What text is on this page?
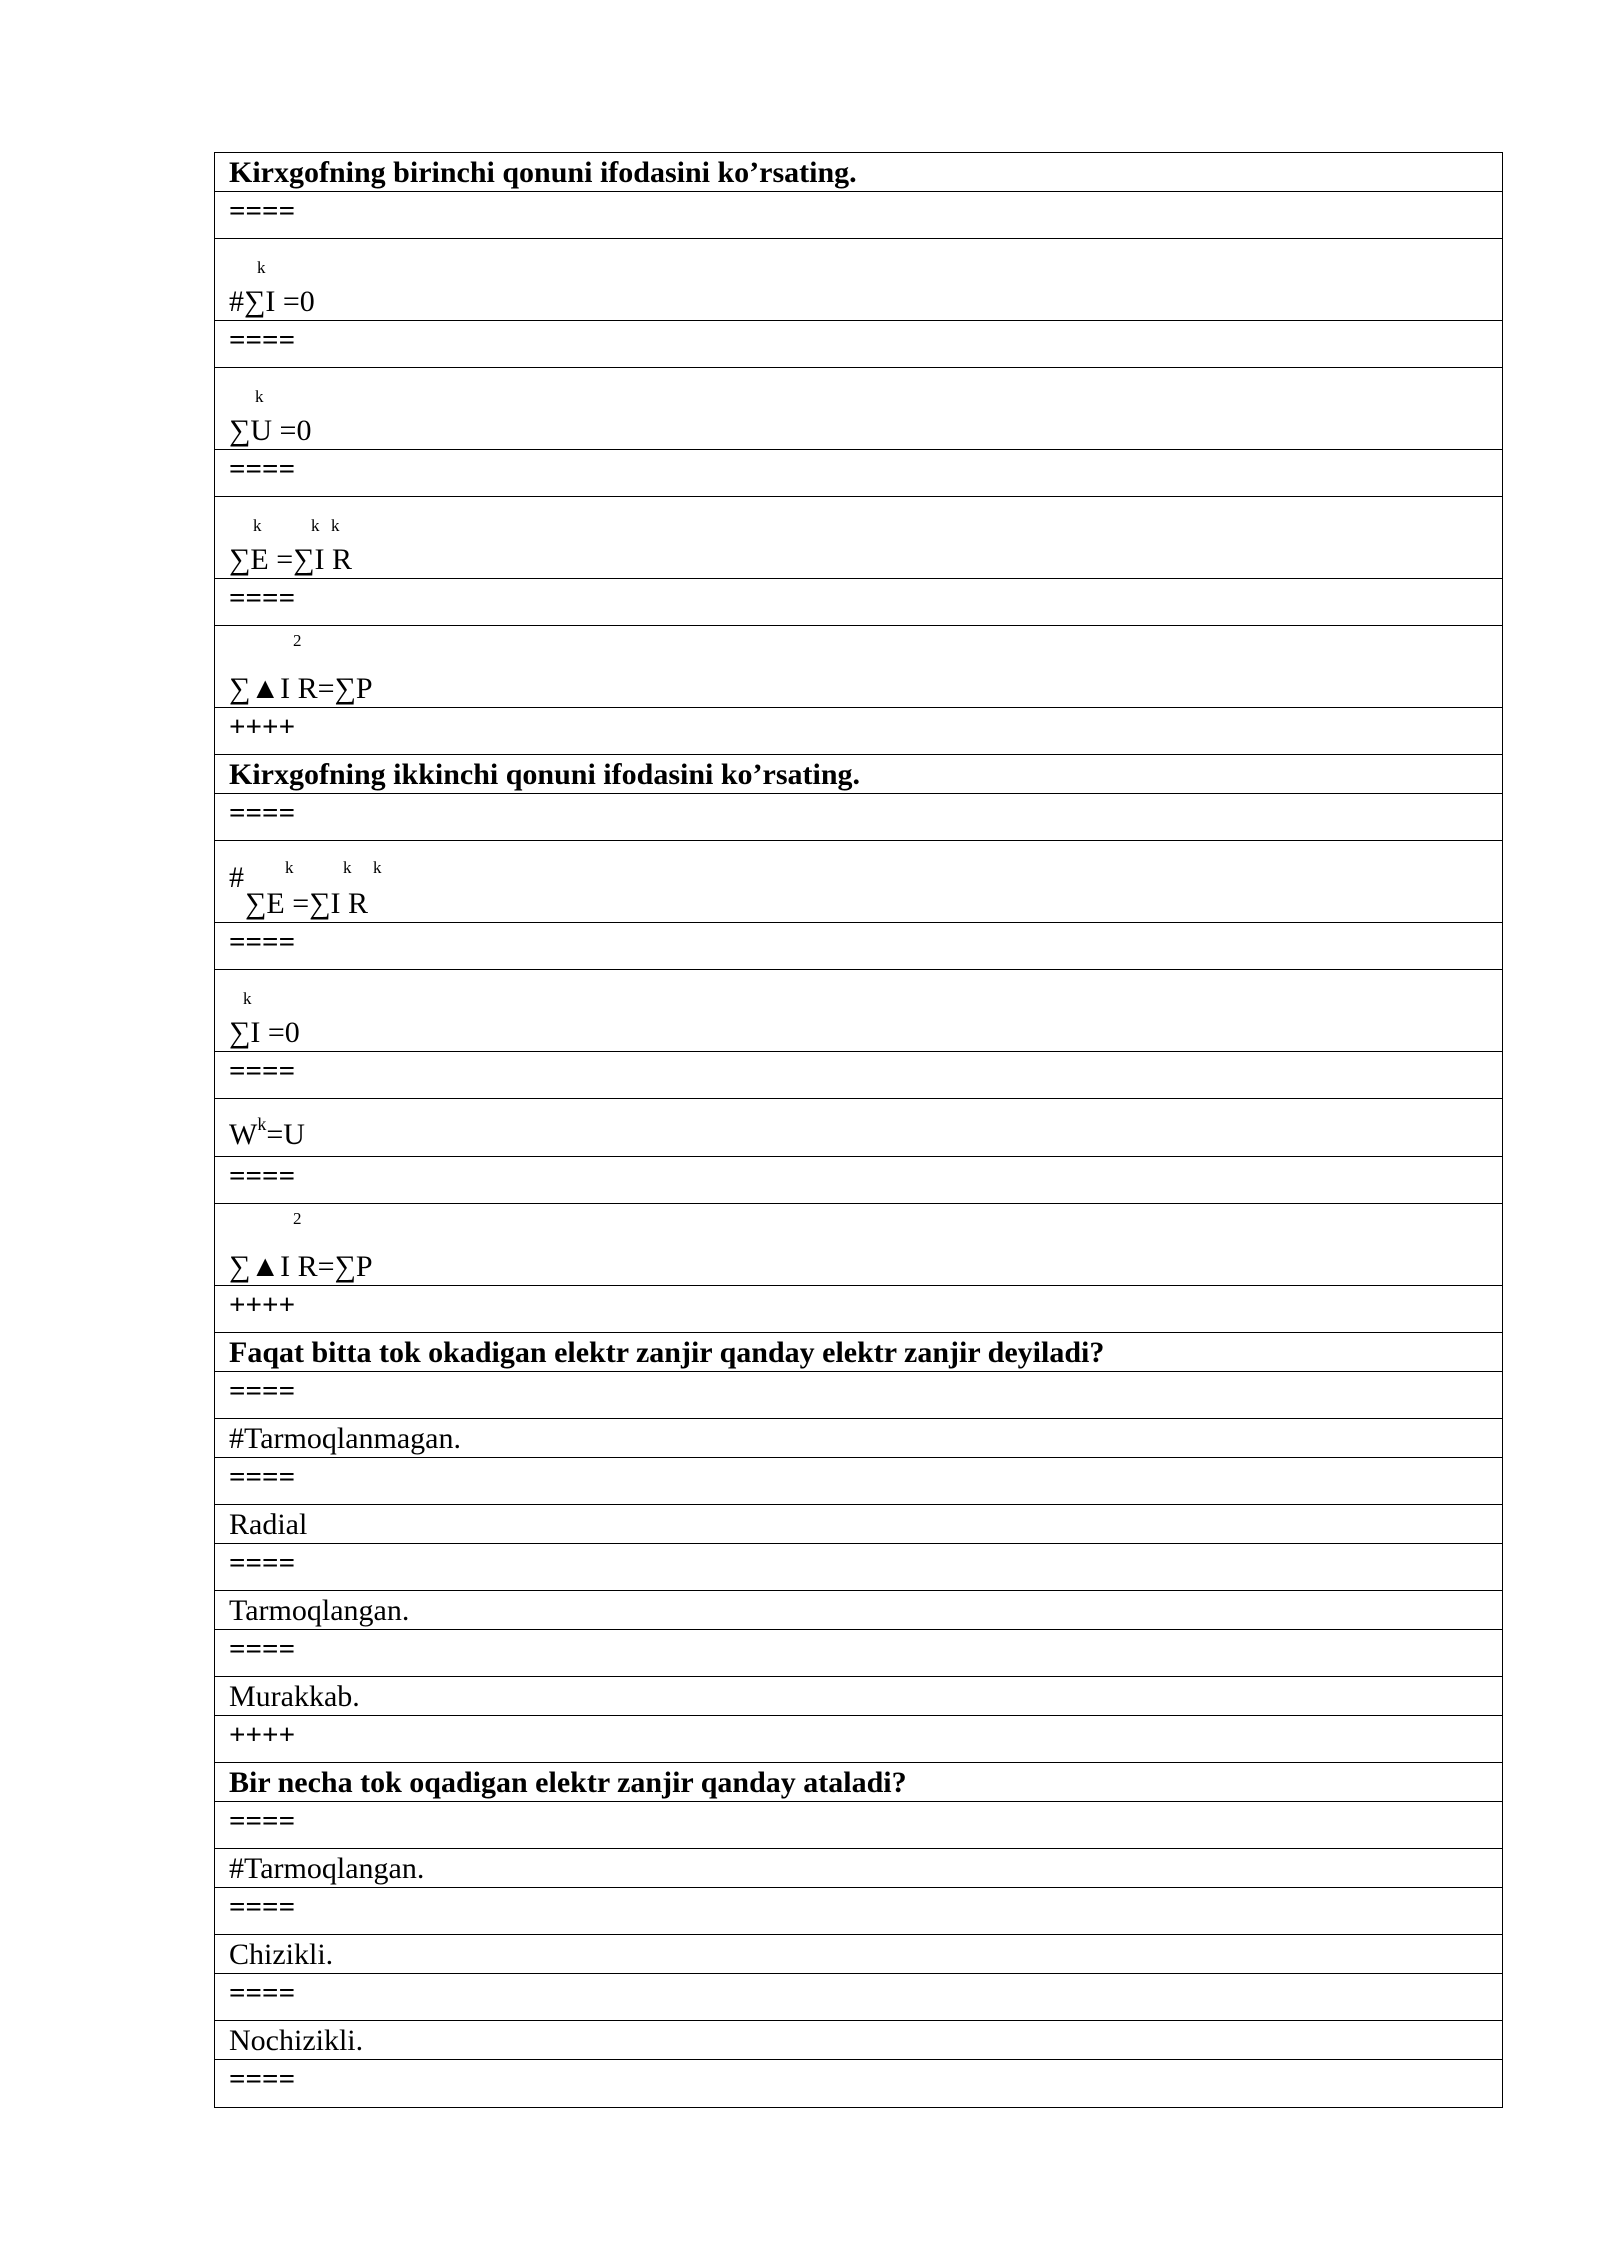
Kirxgofning birinchi qonuni ifodasini ko’rsating.
====
k
#∑I =0
====
k
∑U =0
====
k	k k
∑E =∑I R
====
2
∑▲I R=∑P
++++
Kirxgofning ikkinchi qonuni ifodasini ko’rsating.
====
# k	k k
∑E =∑I R
====
k
∑I =0
====
$W^k=U$
====
2
∑▲I R=∑P
++++
Faqat bitta tok okadigan elektr zanjir qanday elektr zanjir deyiladi?
====
#Tarmoqlanmagan.
====
Radial
====
Tarmoqlangan.
====
Murakkab.
++++
Bir necha tok oqadigan elektr zanjir qanday ataladi?
====
#Tarmoqlangan.
====
Chizikli.
====
Nochizikli.
====
